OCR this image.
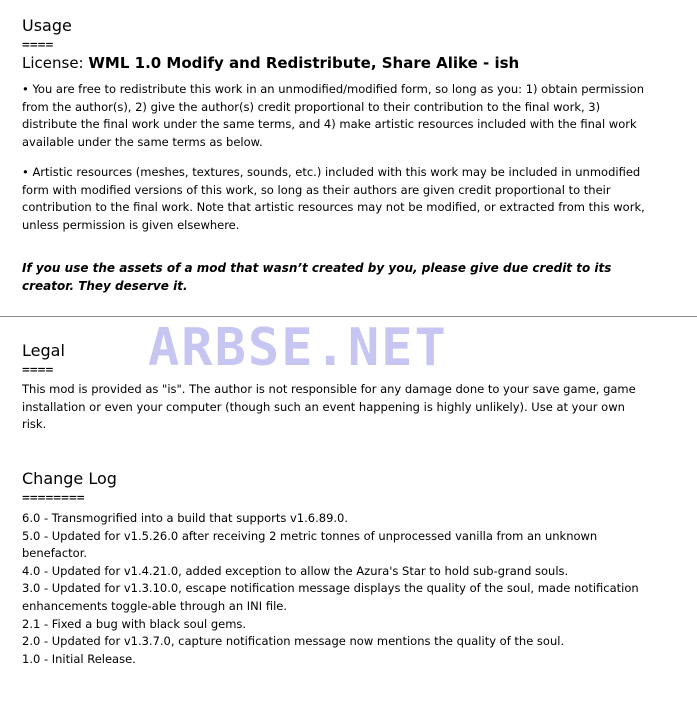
Usage
====
License: WML 1.0 Modify and Redistribute, Share Alike - ish
• You are free to redistribute this work in an unmodified/modified form, so long as you: 1) obtain permission from the author(s), 2) give the author(s) credit proportional to their contribution to the final work, 3) distribute the final work under the same terms, and 4) make artistic resources included with the final work available under the same terms as below.
• Artistic resources (meshes, textures, sounds, etc.) included with this work may be included in unmodified form with modified versions of this work, so long as their authors are given credit proportional to their contribution to the final work. Note that artistic resources may not be modified, or extracted from this work, unless permission is given elsewhere.
If you use the assets of a mod that wasn’t created by you, please give due credit to its creator. They deserve it.
ARBSE.NET
Legal
====
This mod is provided as "is". The author is not responsible for any damage done to your save game, game installation or even your computer (though such an event happening is highly unlikely). Use at your own risk.
Change Log
========
6.0 - Transmogrified into a build that supports v1.6.89.0.
5.0 - Updated for v1.5.26.0 after receiving 2 metric tonnes of unprocessed vanilla from an unknown benefactor.
4.0 - Updated for v1.4.21.0, added exception to allow the Azura's Star to hold sub-grand souls.
3.0 - Updated for v1.3.10.0, escape notification message displays the quality of the soul, made notification enhancements toggle-able through an INI file.
2.1 - Fixed a bug with black soul gems.
2.0 - Updated for v1.3.7.0, capture notification message now mentions the quality of the soul.
1.0 - Initial Release.
